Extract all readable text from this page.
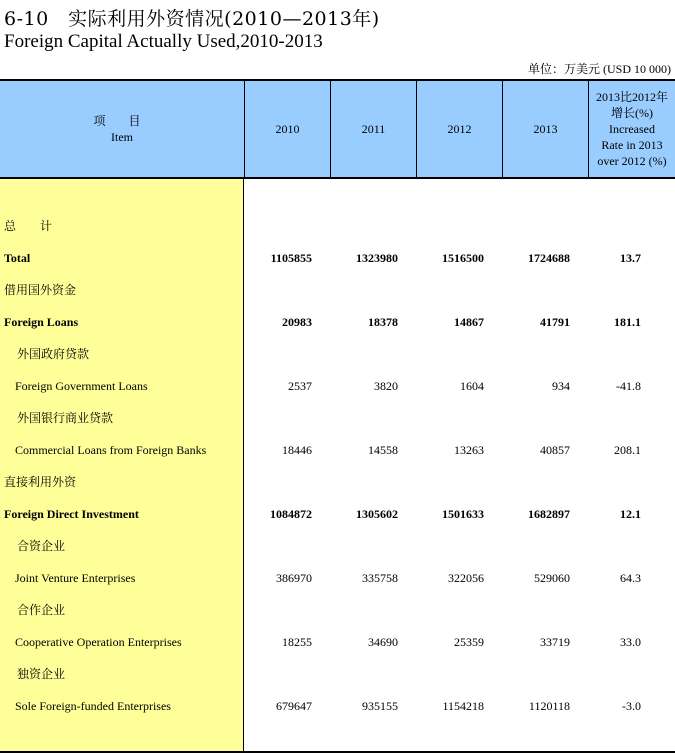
6-10　实际利用外资情况(2010—2013年)
Foreign Capital Actually Used,2010-2013
单位：万美元 (USD 10 000)
项 目
Item
2010	2011	2012	2013
2013比2012年
增长(%)
Increased
Rate in 2013
over 2012 (%)
总　　计
Total	1105855	1323980	1516500	1724688	13.7
借用国外资金
Foreign Loans	20983	18378	14867	41791	181.1
外国政府贷款
Foreign Government Loans	2537	3820	1604	934	-41.8
外国银行商业贷款
Commercial Loans from Foreign Banks	18446	14558	13263	40857	208.1
直接利用外资
Foreign Direct Investment	1084872	1305602	1501633	1682897	12.1
合资企业
Joint Venture Enterprises	386970	335758	322056	529060	64.3
合作企业
Cooperative Operation Enterprises	18255	34690	25359	33719	33.0
独资企业
Sole Foreign-funded Enterprises	679647	935155	1154218	1120118	-3.0
